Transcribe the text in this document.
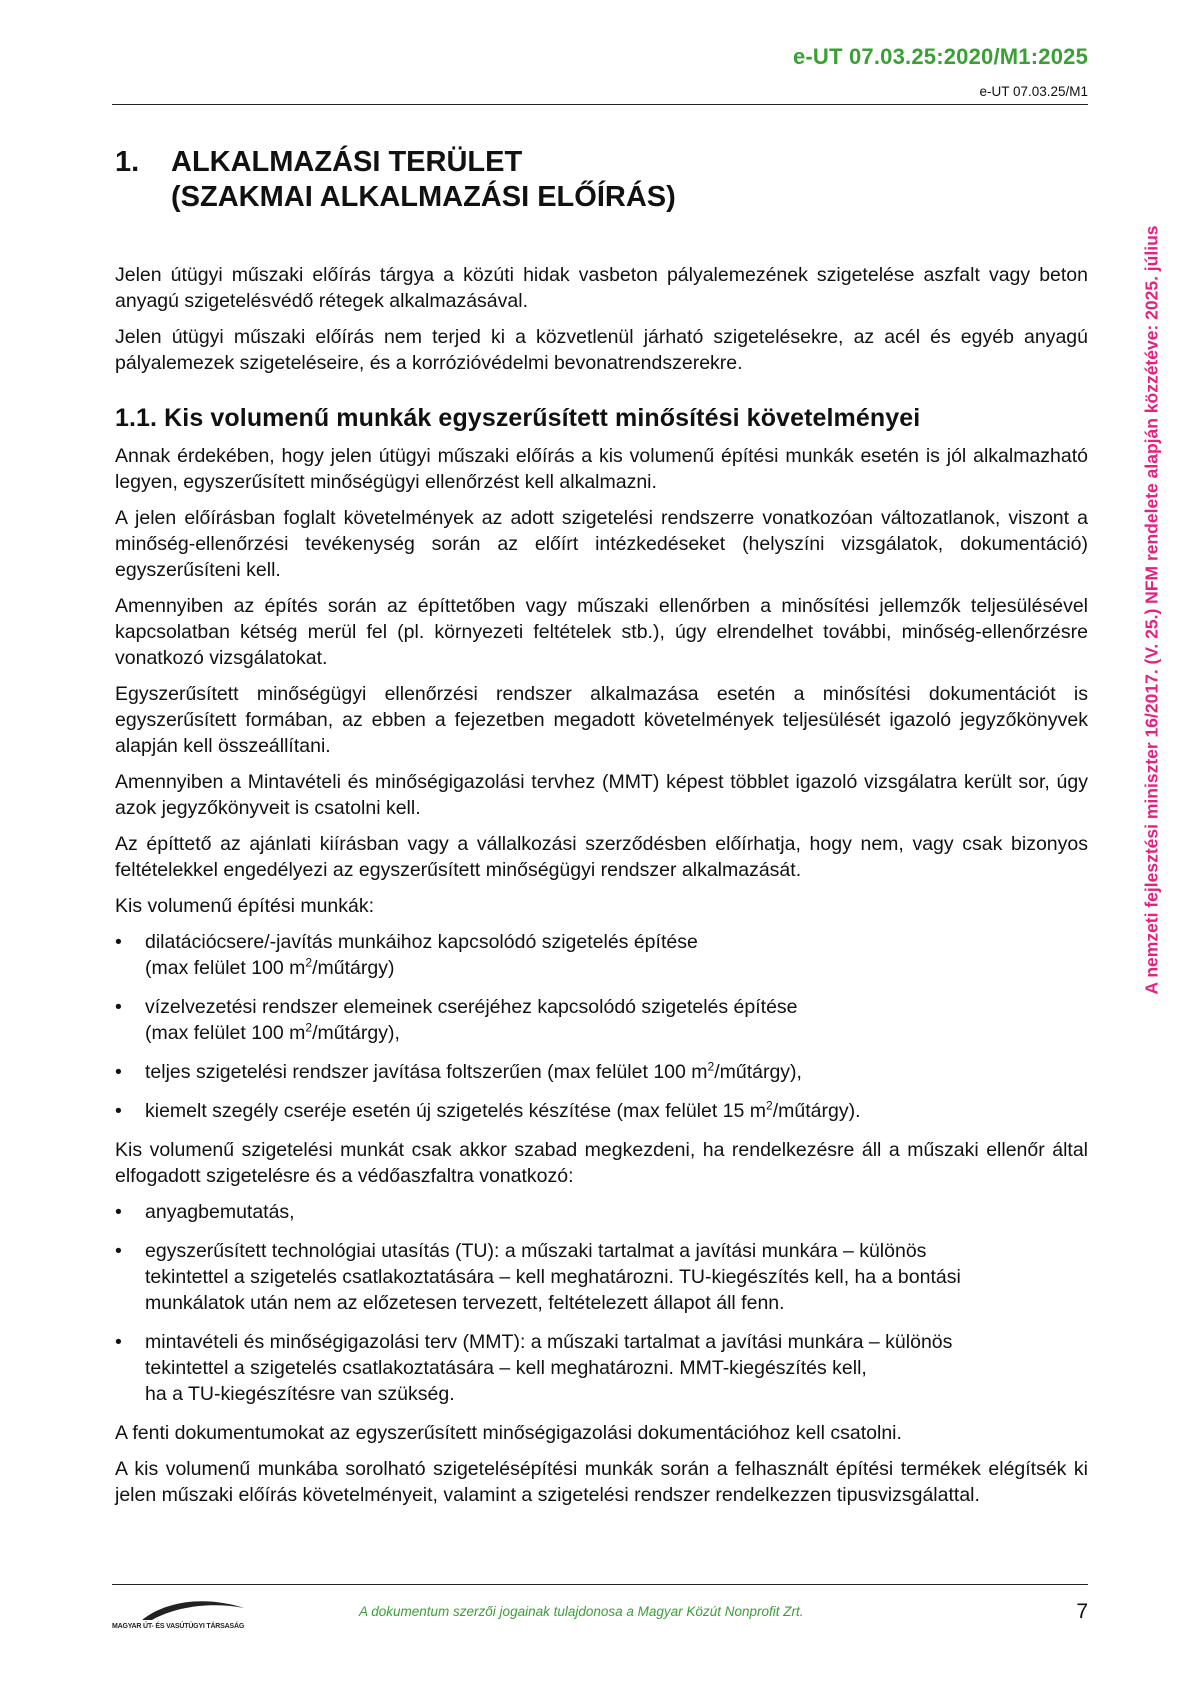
e-UT 07.03.25:2020/M1:2025
e-UT 07.03.25/M1
A nemzeti fejlesztési miniszter 16/2017. (V. 25.) NFM rendelete alapján közzétéve: 2025. július
1.	ALKALMAZÁSI TERÜLET
(SZAKMAI ALKALMAZÁSI ELŐÍRÁS)

Jelen útügyi műszaki előírás tárgya a közúti hidak vasbeton pályalemezének szigetelése aszfalt vagy beton anyagú szigetelésvédő rétegek alkalmazásával.

Jelen útügyi műszaki előírás nem terjed ki a közvetlenül járható szigetelésekre, az acél és egyéb anyagú pályalemezek szigeteléseire, és a korrózióvédelmi bevonatrendszerekre.

1.1. Kis volumenű munkák egyszerűsített minősítési követelményei

Annak érdekében, hogy jelen útügyi műszaki előírás a kis volumenű építési munkák esetén is jól alkalmazható legyen, egyszerűsített minőségügyi ellenőrzést kell alkalmazni.

A jelen előírásban foglalt követelmények az adott szigetelési rendszerre vonatkozóan változatlanok, viszont a minőség-ellenőrzési tevékenység során az előírt intézkedéseket (helyszíni vizsgálatok, dokumentáció) egyszerűsíteni kell.

Amennyiben az építés során az építtetőben vagy műszaki ellenőrben a minősítési jellemzők teljesülésével kapcsolatban kétség merül fel (pl. környezeti feltételek stb.), úgy elrendelhet további, minőség-ellenőrzésre vonatkozó vizsgálatokat.

Egyszerűsített minőségügyi ellenőrzési rendszer alkalmazása esetén a minősítési dokumentációt is egyszerűsített formában, az ebben a fejezetben megadott követelmények teljesülését igazoló jegyzőkönyvek alapján kell összeállítani.

Amennyiben a Mintavételi és minőségigazolási tervhez (MMT) képest többlet igazoló vizsgálatra került sor, úgy azok jegyzőkönyveit is csatolni kell.

Az építtető az ajánlati kiírásban vagy a vállalkozási szerződésben előírhatja, hogy nem, vagy csak bizonyos feltételekkel engedélyezi az egyszerűsített minőségügyi rendszer alkalmazását.

Kis volumenű építési munkák:

• dilatációcsere/-javítás munkáihoz kapcsolódó szigetelés építése
(max felület 100 $m^2/műtárgy$)
• vízelvezetési rendszer elemeinek cseréjéhez kapcsolódó szigetelés építése
(max felület 100 $m^2/műtárgy$),
• teljes szigetelési rendszer javítása foltszerűen (max felület 100 $m^2/műtárgy$),
• kiemelt szegély cseréje esetén új szigetelés készítése (max felület 15 $m^2/műtárgy$).

Kis volumenű szigetelési munkát csak akkor szabad megkezdeni, ha rendelkezésre áll a műszaki ellenőr által elfogadott szigetelésre és a védőaszfaltra vonatkozó:

• anyagbemutatás,
• egyszerűsített technológiai utasítás (TU): a műszaki tartalmat a javítási munkára – különös
tekintettel a szigetelés csatlakoztatására – kell meghatározni. TU-kiegészítés kell, ha a bontási
munkálatok után nem az előzetesen tervezett, feltételezett állapot áll fenn.
• mintavételi és minőségigazolási terv (MMT): a műszaki tartalmat a javítási munkára – különös
tekintettel a szigetelés csatlakoztatására – kell meghatározni. MMT-kiegészítés kell,
ha a TU-kiegészítésre van szükség.

A fenti dokumentumokat az egyszerűsített minőségigazolási dokumentációhoz kell csatolni.

A kis volumenű munkába sorolható szigetelésépítési munkák során a felhasznált építési termékek elégítsék ki jelen műszaki előírás követelményeit, valamint a szigetelési rendszer rendelkezzen tipusvizsgálattal.

MAGYAR ÚT- ÉS VASÚTÜGYI TÁRSASÁG
A dokumentum szerzői jogainak tulajdonosa a Magyar Közút Nonprofit Zrt.	7
